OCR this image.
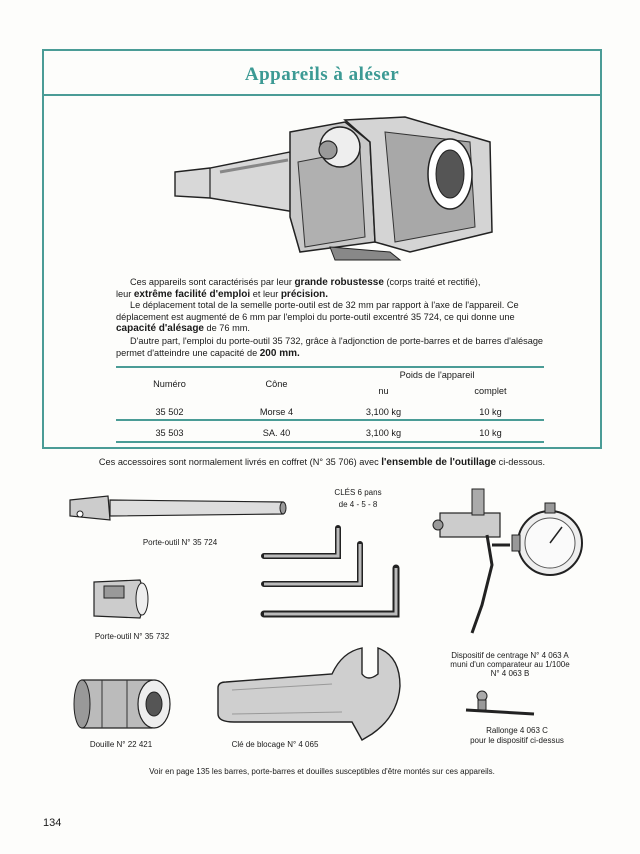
Appareils à aléser
Ces appareils sont caractérisés par leur grande robustesse (corps traité et rectifié),
leur extrême facilité d'emploi et leur précision.
Le déplacement total de la semelle porte-outil est de 32 mm par rapport à l'axe de l'appareil. Ce déplacement est augmenté de 6 mm par l'emploi du porte-outil excentré 35 724, ce qui donne une capacité d'alésage de 76 mm.
D'autre part, l'emploi du porte-outil 35 732, grâce à l'adjonction de porte-barres et de barres d'alésage permet d'atteindre une capacité de 200 mm.
Numéro	Cône	Poids de l'appareil	
		nu	complet
35 502	Morse 4	3,100 kg	10 kg
35 503	SA. 40	3,100 kg	10 kg
Ces accessoires sont normalement livrés en coffret (N° 35 706) avec l'ensemble de l'outillage ci-dessous.
Porte-outil N° 35 724
CLÉS 6 pans
de 4 - 5 - 8
Porte-outil N° 35 732
Dispositif de centrage N° 4 063 A
muni d'un comparateur au 1/100e
N° 4 063 B
Douille N° 22 421	Clé de blocage N° 4 065
Rallonge 4 063 C
pour le dispositif ci-dessus
Voir en page 135 les barres, porte-barres et douilles susceptibles d'être montés sur ces appareils.
134
